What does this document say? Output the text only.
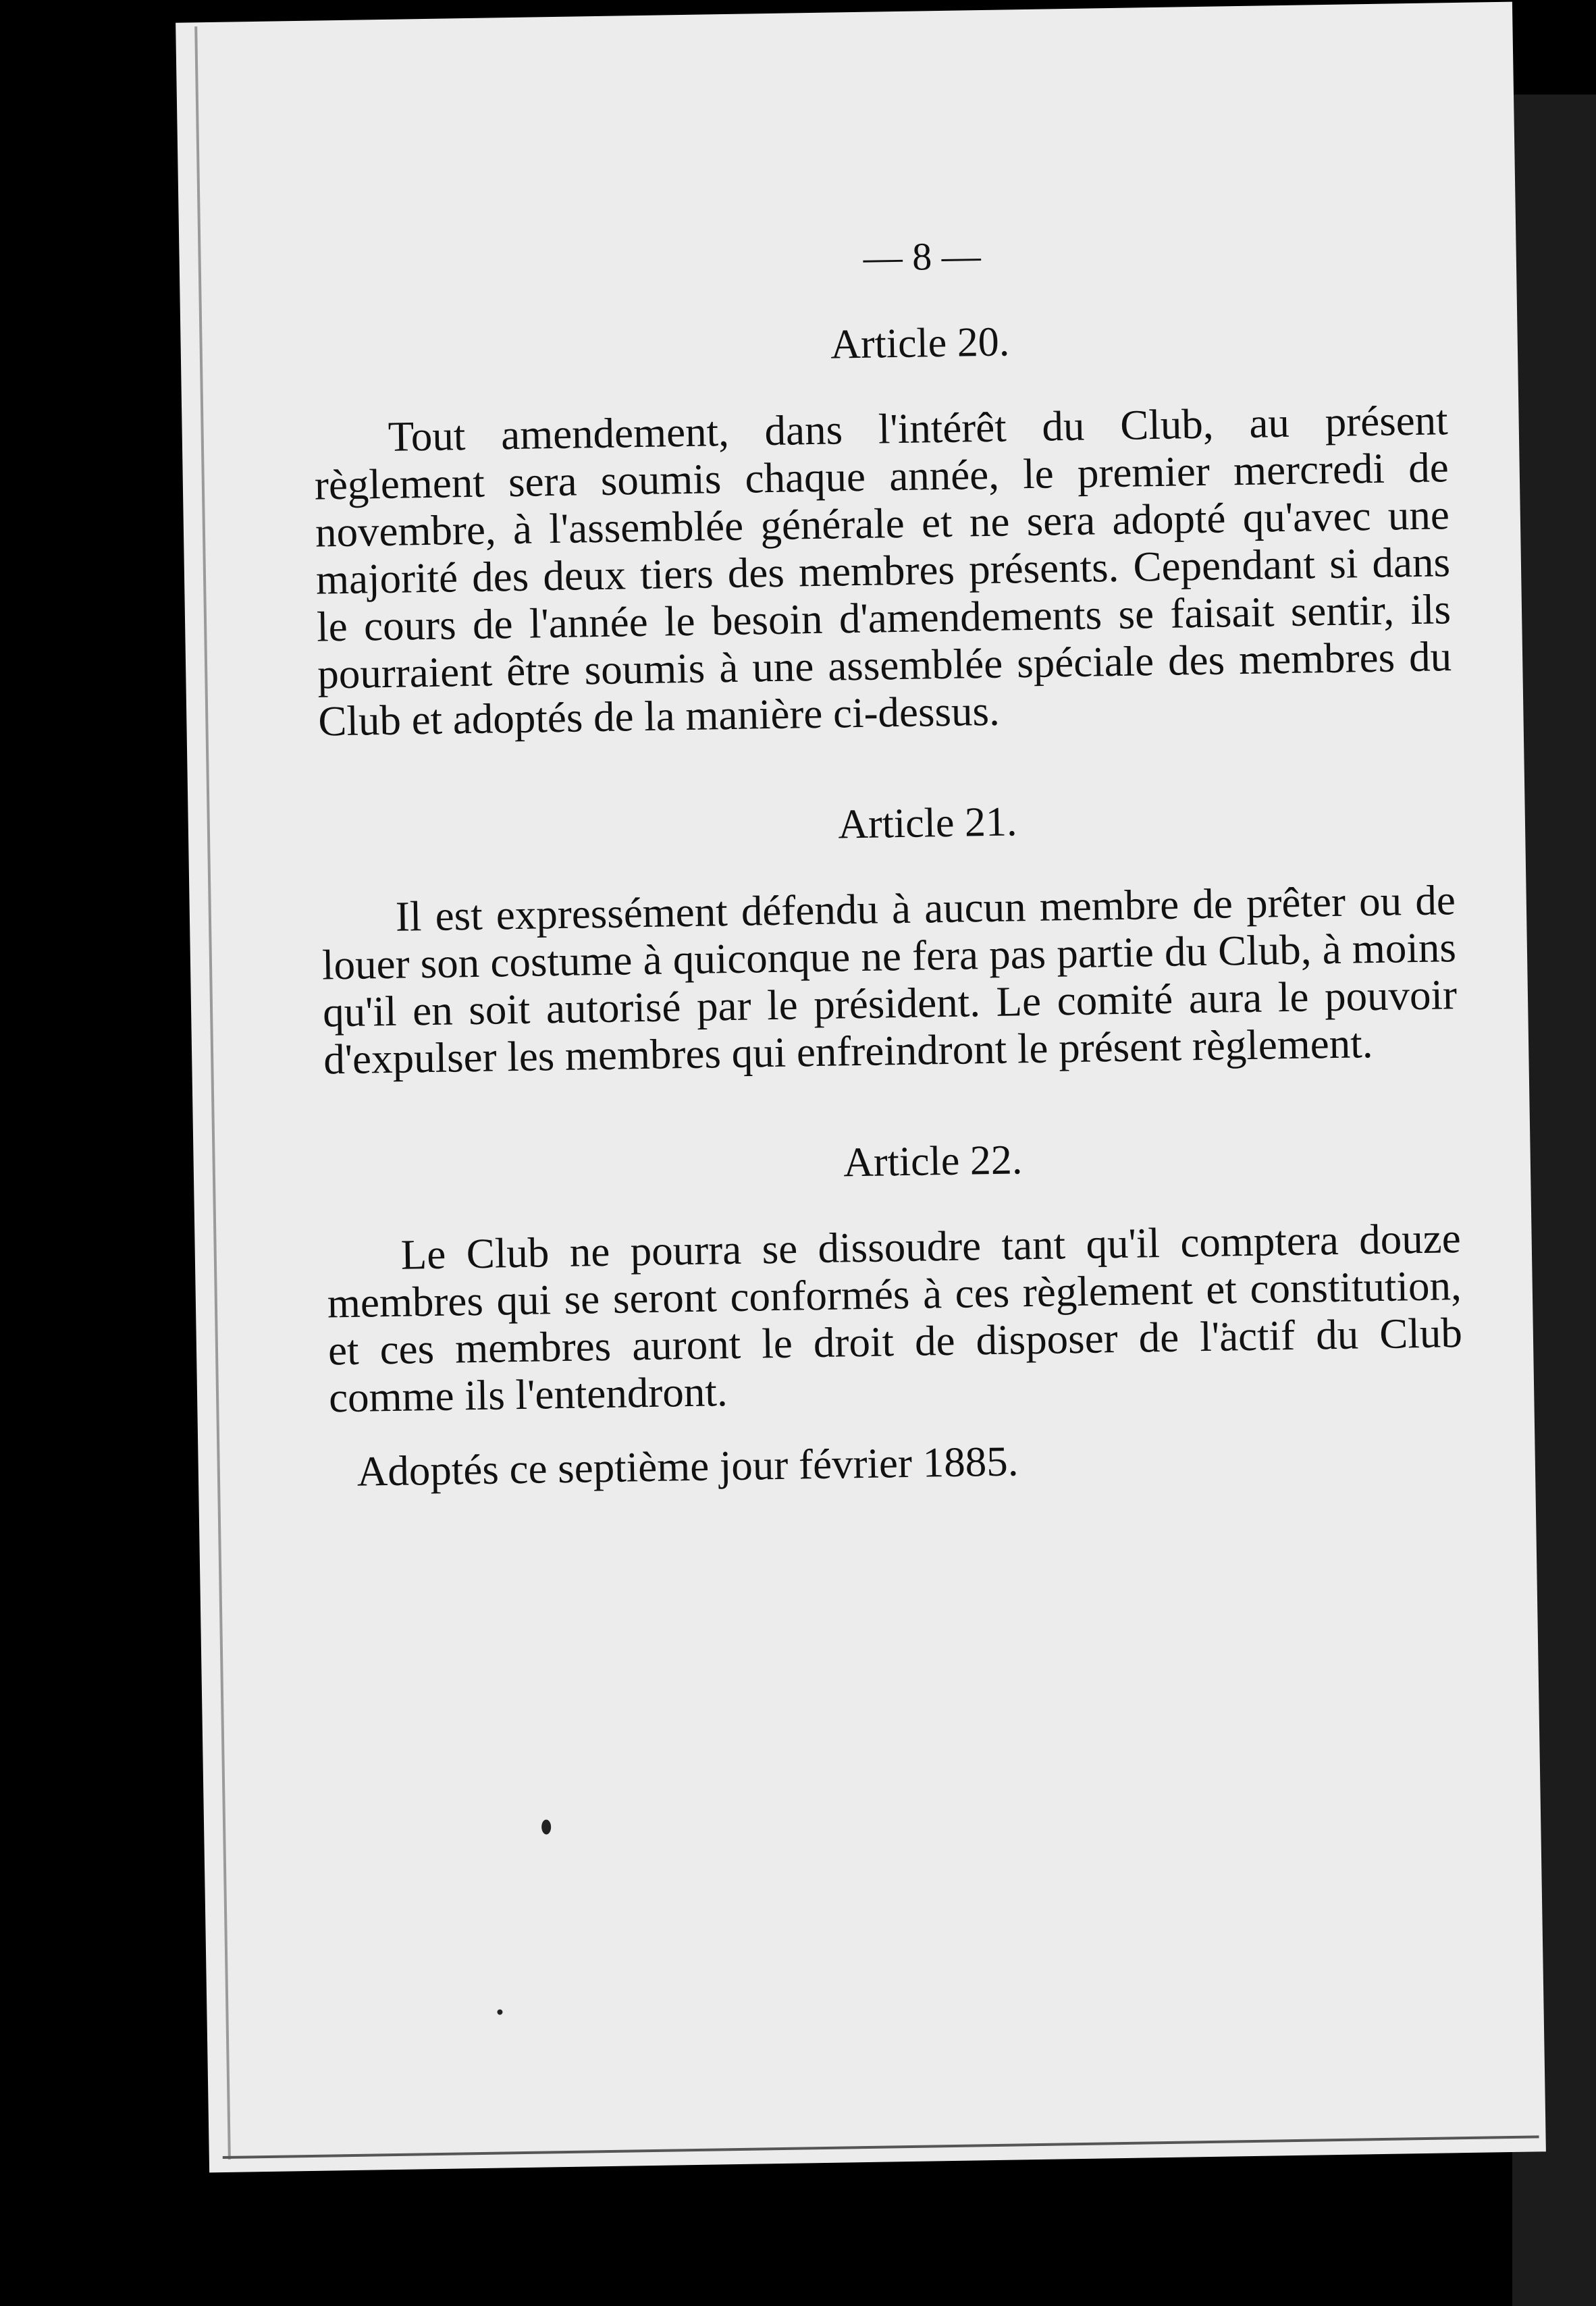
— 8 —
Article 20.

Tout amendement, dans l'intérêt du Club, au présent règlement sera soumis chaque année, le premier mercredi de novembre, à l'assemblée générale et ne sera adopté qu'avec une majorité des deux tiers des membres présents. Cependant si dans le cours de l'année le besoin d'amendements se faisait sentir, ils pourraient être soumis à une assemblée spéciale des membres du Club et adoptés de la manière ci-dessus.

Article 21.

Il est expressément défendu à aucun membre de prêter ou de louer son costume à quiconque ne fera pas partie du Club, à moins qu'il en soit autorisé par le président. Le comité aura le pouvoir d'expulser les membres qui enfreindront le présent règlement.

Article 22.

Le Club ne pourra se dissoudre tant qu'il comptera douze membres qui se seront conformés à ces règlement et constitution, et ces membres auront le droit de disposer de l'actif du Club comme ils l'entendront.

Adoptés ce septième jour février 1885.
